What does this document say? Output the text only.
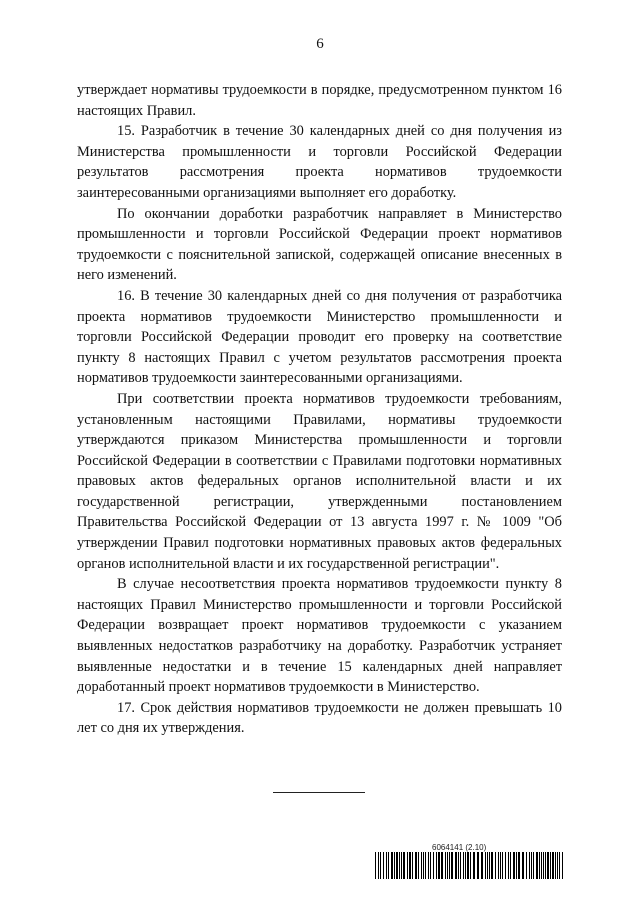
6

утверждает нормативы трудоемкости в порядке, предусмотренном пунктом 16 настоящих Правил.

15. Разработчик в течение 30 календарных дней со дня получения из Министерства промышленности и торговли Российской Федерации результатов рассмотрения проекта нормативов трудоемкости заинтересованными организациями выполняет его доработку.

По окончании доработки разработчик направляет в Министерство промышленности и торговли Российской Федерации проект нормативов трудоемкости с пояснительной запиской, содержащей описание внесенных в него изменений.

16. В течение 30 календарных дней со дня получения от разработчика проекта нормативов трудоемкости Министерство промышленности и торговли Российской Федерации проводит его проверку на соответствие пункту 8 настоящих Правил с учетом результатов рассмотрения проекта нормативов трудоемкости заинтересованными организациями.

При соответствии проекта нормативов трудоемкости требованиям, установленным настоящими Правилами, нормативы трудоемкости утверждаются приказом Министерства промышленности и торговли Российской Федерации в соответствии с Правилами подготовки нормативных правовых актов федеральных органов исполнительной власти и их государственной регистрации, утвержденными постановлением Правительства Российской Федерации от 13 августа 1997 г. № 1009 "Об утверждении Правил подготовки нормативных правовых актов федеральных органов исполнительной власти и их государственной регистрации".

В случае несоответствия проекта нормативов трудоемкости пункту 8 настоящих Правил Министерство промышленности и торговли Российской Федерации возвращает проект нормативов трудоемкости с указанием выявленных недостатков разработчику на доработку. Разработчик устраняет выявленные недостатки и в течение 15 календарных дней направляет доработанный проект нормативов трудоемкости в Министерство.

17. Срок действия нормативов трудоемкости не должен превышать 10 лет со дня их утверждения.

6064141 (2.10)
